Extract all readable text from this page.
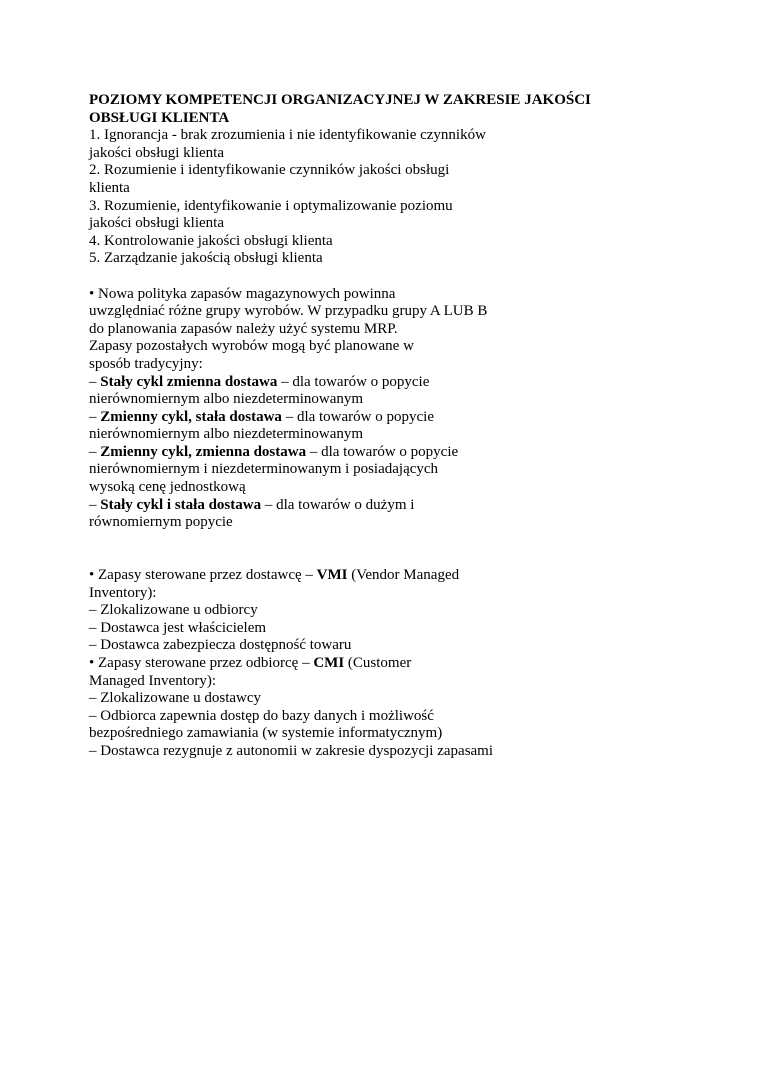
POZIOMY KOMPETENCJI ORGANIZACYJNEJ W ZAKRESIE JAKOŚCI
OBSŁUGI KLIENTA
1. Ignorancja - brak zrozumienia i nie identyfikowanie czynników
jakości obsługi klienta
2. Rozumienie i identyfikowanie czynników jakości obsługi
klienta
3. Rozumienie, identyfikowanie i optymalizowanie poziomu
jakości obsługi klienta
4. Kontrolowanie jakości obsługi klienta
5. Zarządzanie jakością obsługi klienta
• Nowa polityka zapasów magazynowych powinna
uwzględniać różne grupy wyrobów. W przypadku grupy A LUB B
do planowania zapasów należy użyć systemu MRP.
Zapasy pozostałych wyrobów mogą być planowane w
sposób tradycyjny:
– Stały cykl zmienna dostawa – dla towarów o popycie
nierównomiernym albo niezdeterminowanym
– Zmienny cykl, stała dostawa – dla towarów o popycie
nierównomiernym albo niezdeterminowanym
– Zmienny cykl, zmienna dostawa – dla towarów o popycie
nierównomiernym i niezdeterminowanym i posiadających
wysoką cenę jednostkową
– Stały cykl i stała dostawa – dla towarów o dużym i
równomiernym popycie
• Zapasy sterowane przez dostawcę – VMI (Vendor Managed
Inventory):
– Zlokalizowane u odbiorcy
– Dostawca jest właścicielem
– Dostawca zabezpiecza dostępność towaru
• Zapasy sterowane przez odbiorcę – CMI (Customer
Managed Inventory):
– Zlokalizowane u dostawcy
– Odbiorca zapewnia dostęp do bazy danych i możliwość
bezpośredniego zamawiania (w systemie informatycznym)
– Dostawca rezygnuje z autonomii w zakresie dyspozycji zapasami
